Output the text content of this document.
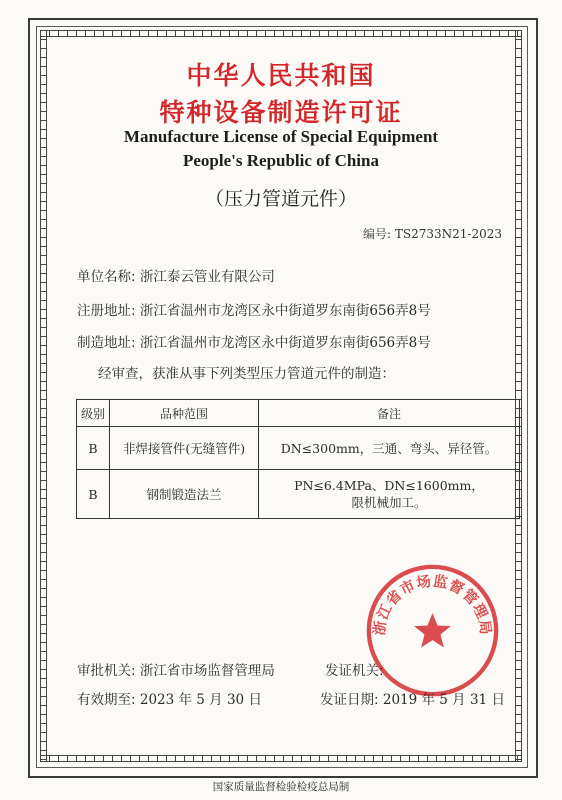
中华人民共和国
特种设备制造许可证
Manufacture License of Special Equipment
People's Republic of China
（压力管道元件）
编号: TS2733N21-2023
单位名称: 浙江泰云管业有限公司
注册地址: 浙江省温州市龙湾区永中街道罗东南街656弄8号
制造地址: 浙江省温州市龙湾区永中街道罗东南街656弄8号
经审查，获准从事下列类型压力管道元件的制造：
级别	品种范围	备注
B	非焊接管件(无缝管件)	DN≤300mm，三通、弯头、异径管。

B	钢制锻造法兰	PN≤6.4MPa、DN≤1600mm，
限机械加工。
浙江省市场监督管理局
审批机关: 浙江省市场监督管理局	发证机关:
有效期至: 2023 年 5 月 30 日	发证日期: 2019 年 5 月 31 日
国家质量监督检验检疫总局制
